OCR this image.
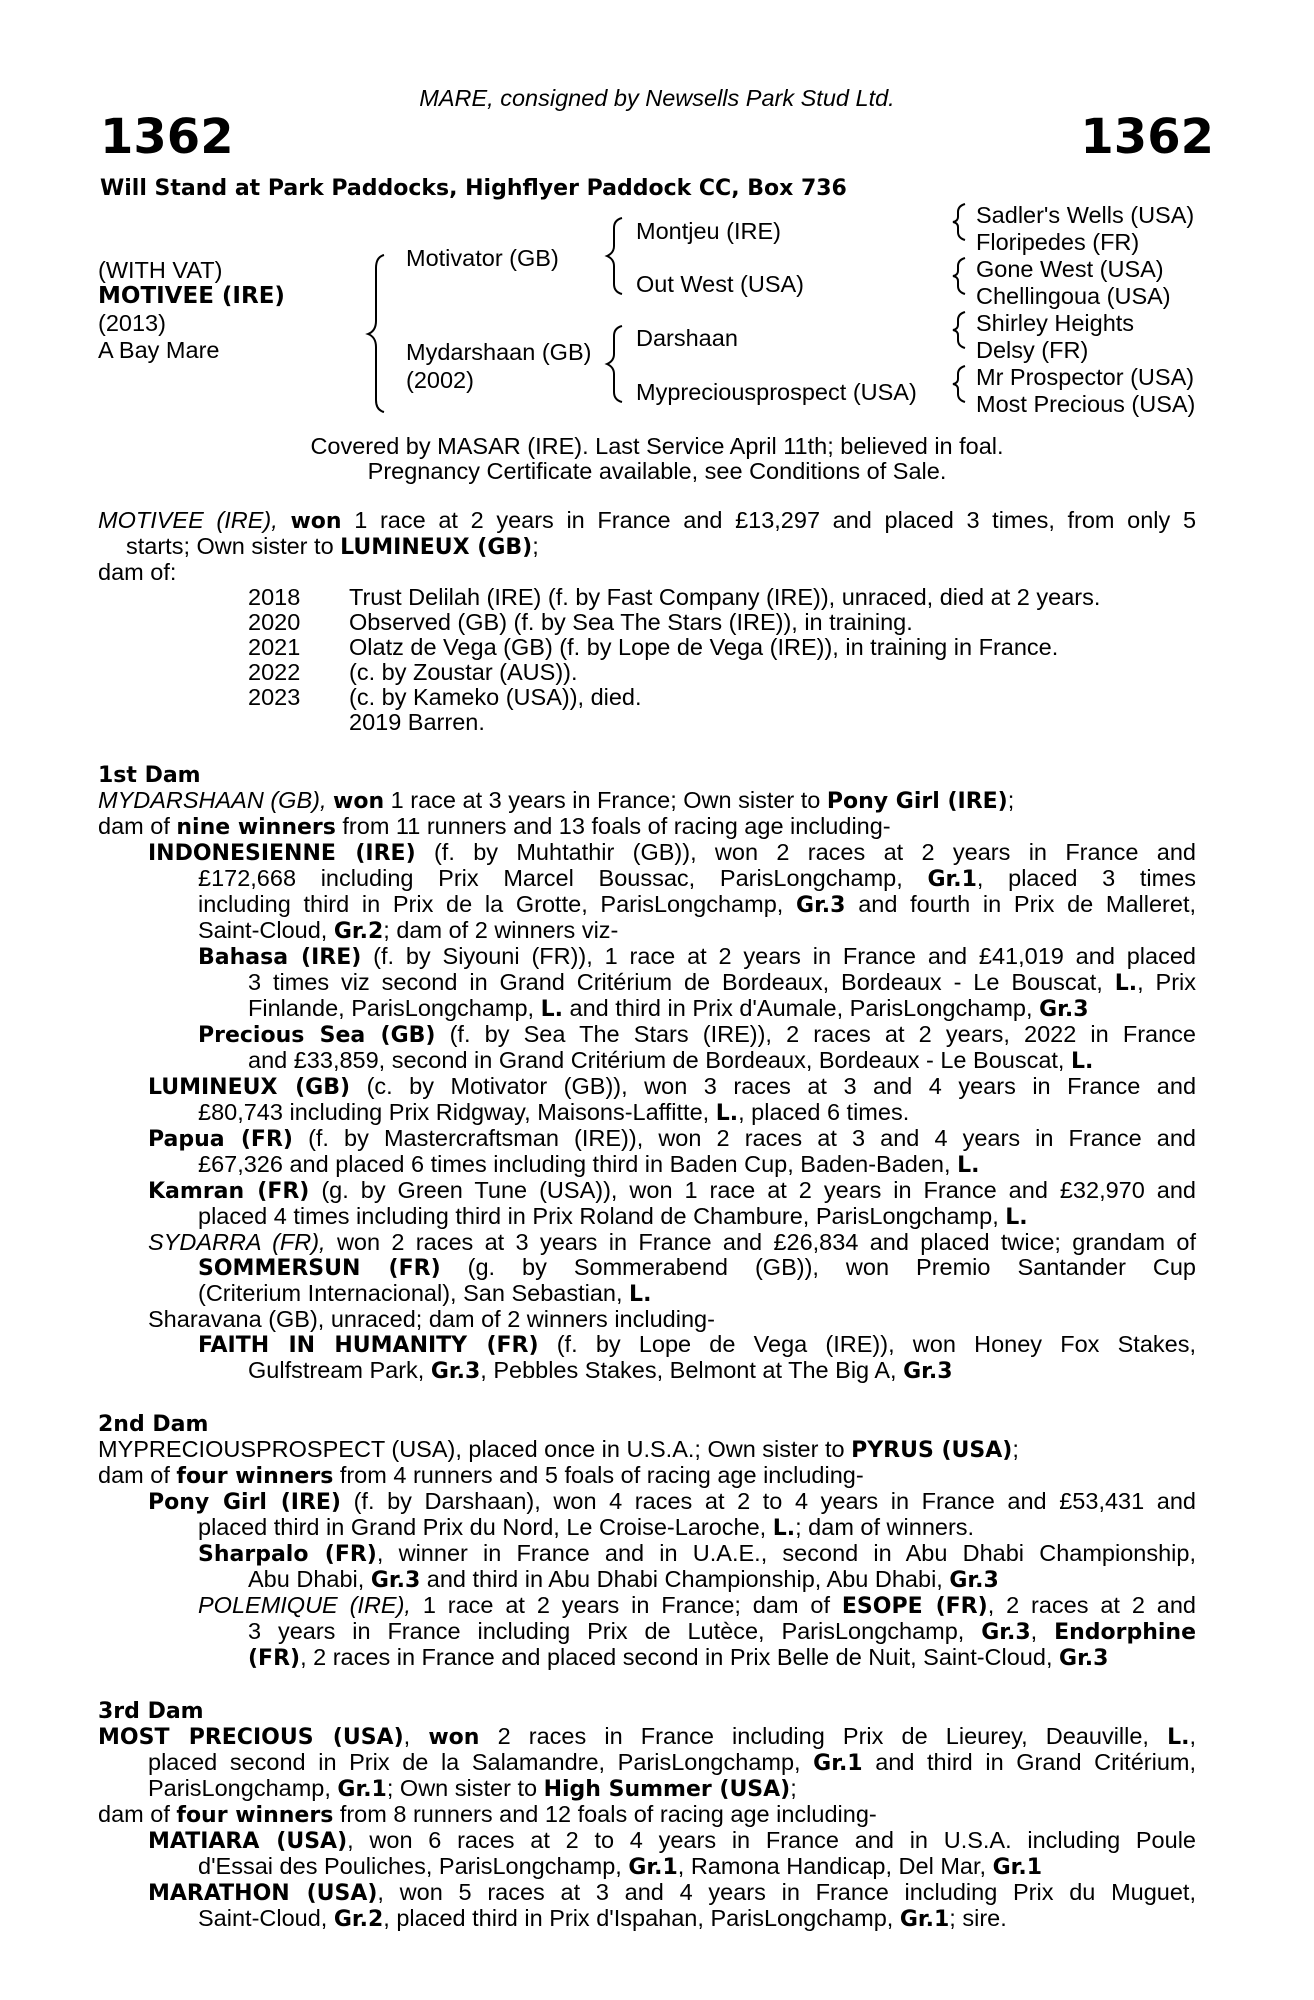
MARE, consigned by Newsells Park Stud Ltd.
1362	1362
Will Stand at Park Paddocks, Highflyer Paddock CC, Box 736
(WITH VAT)
MOTIVEE (IRE)
(2013)
A Bay Mare
Motivator (GB)
Mydarshaan (GB)
(2002)
Montjeu (IRE)
Out West (USA)
Darshaan
Mypreciousprospect (USA)
Sadler's Wells (USA)
Floripedes (FR)
Gone West (USA)
Chellingoua (USA)
Shirley Heights
Delsy (FR)
Mr Prospector (USA)
Most Precious (USA)
Covered by MASAR (IRE). Last Service April 11th; believed in foal.
Pregnancy Certificate available, see Conditions of Sale.
MOTIVEE (IRE), won 1 race at 2 years in France and £13,297 and placed 3 times, from only 5
starts; Own sister to LUMINEUX (GB);
dam of:
2018 Trust Delilah (IRE) (f. by Fast Company (IRE)), unraced, died at 2 years.
2020 Observed (GB) (f. by Sea The Stars (IRE)), in training.
2021 Olatz de Vega (GB) (f. by Lope de Vega (IRE)), in training in France.
2022 (c. by Zoustar (AUS)).
2023 (c. by Kameko (USA)), died.
2019 Barren.
1st Dam
MYDARSHAAN (GB), won 1 race at 3 years in France; Own sister to Pony Girl (IRE);
dam of nine winners from 11 runners and 13 foals of racing age including-
INDONESIENNE (IRE) (f. by Muhtathir (GB)), won 2 races at 2 years in France and
£172,668 including Prix Marcel Boussac, ParisLongchamp, Gr.1, placed 3 times
including third in Prix de la Grotte, ParisLongchamp, Gr.3 and fourth in Prix de Malleret,
Saint-Cloud, Gr.2; dam of 2 winners viz-
Bahasa (IRE) (f. by Siyouni (FR)), 1 race at 2 years in France and £41,019 and placed
3 times viz second in Grand Critérium de Bordeaux, Bordeaux - Le Bouscat, L., Prix
Finlande, ParisLongchamp, L. and third in Prix d'Aumale, ParisLongchamp, Gr.3
Precious Sea (GB) (f. by Sea The Stars (IRE)), 2 races at 2 years, 2022 in France
and £33,859, second in Grand Critérium de Bordeaux, Bordeaux - Le Bouscat, L.
LUMINEUX (GB) (c. by Motivator (GB)), won 3 races at 3 and 4 years in France and
£80,743 including Prix Ridgway, Maisons-Laffitte, L., placed 6 times.
Papua (FR) (f. by Mastercraftsman (IRE)), won 2 races at 3 and 4 years in France and
£67,326 and placed 6 times including third in Baden Cup, Baden-Baden, L.
Kamran (FR) (g. by Green Tune (USA)), won 1 race at 2 years in France and £32,970 and
placed 4 times including third in Prix Roland de Chambure, ParisLongchamp, L.
SYDARRA (FR), won 2 races at 3 years in France and £26,834 and placed twice; grandam of
SOMMERSUN (FR) (g. by Sommerabend (GB)), won Premio Santander Cup
(Criterium Internacional), San Sebastian, L.
Sharavana (GB), unraced; dam of 2 winners including-
FAITH IN HUMANITY (FR) (f. by Lope de Vega (IRE)), won Honey Fox Stakes,
Gulfstream Park, Gr.3, Pebbles Stakes, Belmont at The Big A, Gr.3
2nd Dam
MYPRECIOUSPROSPECT (USA), placed once in U.S.A.; Own sister to PYRUS (USA);
dam of four winners from 4 runners and 5 foals of racing age including-
Pony Girl (IRE) (f. by Darshaan), won 4 races at 2 to 4 years in France and £53,431 and
placed third in Grand Prix du Nord, Le Croise-Laroche, L.; dam of winners.
Sharpalo (FR), winner in France and in U.A.E., second in Abu Dhabi Championship,
Abu Dhabi, Gr.3 and third in Abu Dhabi Championship, Abu Dhabi, Gr.3
POLEMIQUE (IRE), 1 race at 2 years in France; dam of ESOPE (FR), 2 races at 2 and
3 years in France including Prix de Lutèce, ParisLongchamp, Gr.3, Endorphine
(FR), 2 races in France and placed second in Prix Belle de Nuit, Saint-Cloud, Gr.3
3rd Dam
MOST PRECIOUS (USA), won 2 races in France including Prix de Lieurey, Deauville, L.,
placed second in Prix de la Salamandre, ParisLongchamp, Gr.1 and third in Grand Critérium,
ParisLongchamp, Gr.1; Own sister to High Summer (USA);
dam of four winners from 8 runners and 12 foals of racing age including-
MATIARA (USA), won 6 races at 2 to 4 years in France and in U.S.A. including Poule
d'Essai des Pouliches, ParisLongchamp, Gr.1, Ramona Handicap, Del Mar, Gr.1
MARATHON (USA), won 5 races at 3 and 4 years in France including Prix du Muguet,
Saint-Cloud, Gr.2, placed third in Prix d'Ispahan, ParisLongchamp, Gr.1; sire.
